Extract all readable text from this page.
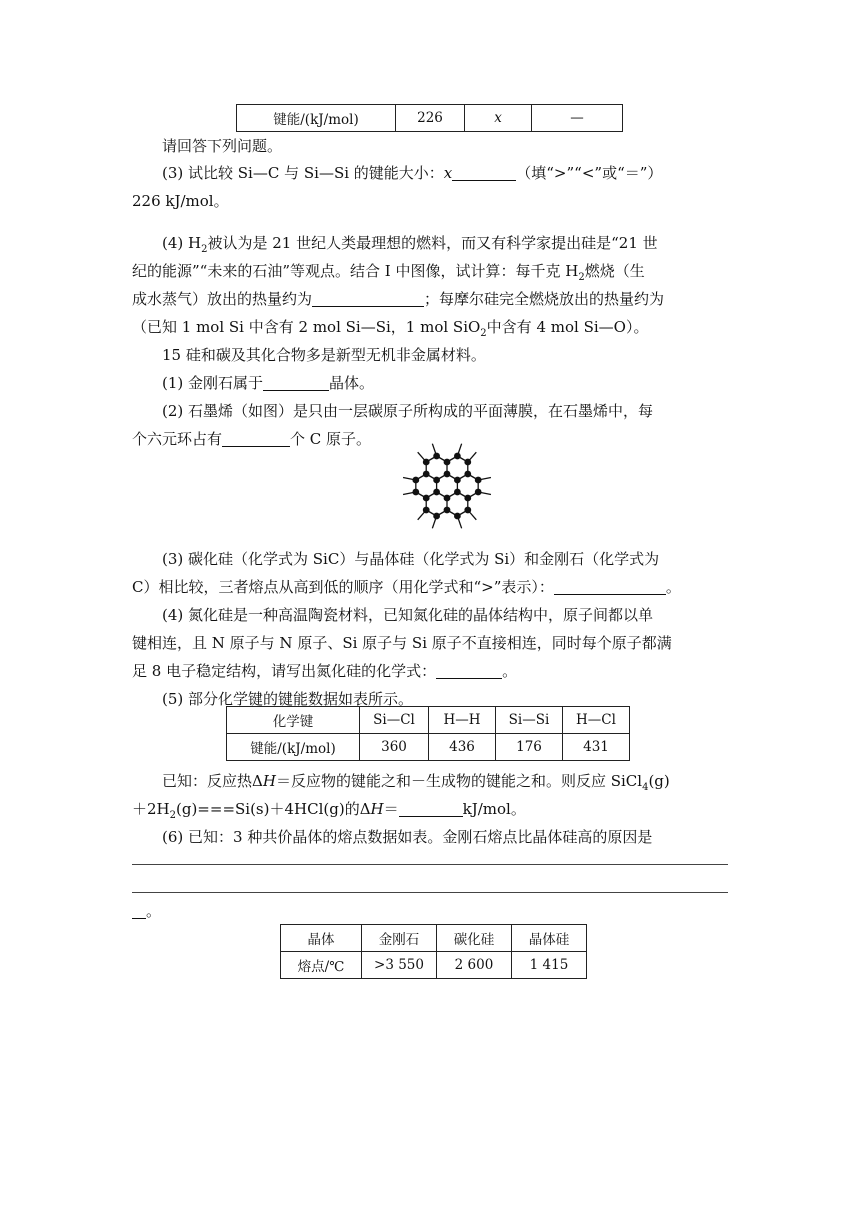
键能/(kJ/mol)	226	x	—
请回答下列问题。
(3) 试比较 Si—C 与 Si—Si 的键能大小：x	（填“>”“<”或“＝”）
226 kJ/mol。
(4) $H_2$被认为是 21 世纪人类最理想的燃料，而又有科学家提出硅是“21 世
纪的能源”“未来的石油”等观点。结合 I 中图像，试计算：每千克 $H_2$燃烧（生
成水蒸气）放出的热量约为	；每摩尔硅完全燃烧放出的热量约为
（已知 1 mol Si 中含有 2 mol Si—Si，1 mol SiO$_2$中含有 4 mol Si—O）。
15 硅和碳及其化合物多是新型无机非金属材料。
(1) 金刚石属于	晶体。
(2) 石墨烯（如图）是只由一层碳原子所构成的平面薄膜，在石墨烯中，每
个六元环占有	个 C 原子。
(3) 碳化硅（化学式为 SiC）与晶体硅（化学式为 Si）和金刚石（化学式为
C）相比较，三者熔点从高到低的顺序（用化学式和“>”表示）：	。
(4) 氮化硅是一种高温陶瓷材料，已知氮化硅的晶体结构中，原子间都以单
键相连，且 N 原子与 N 原子、Si 原子与 Si 原子不直接相连，同时每个原子都满
足 8 电子稳定结构，请写出氮化硅的化学式：	。
(5) 部分化学键的键能数据如表所示。
化学键	Si—Cl	H—H	Si—Si	H—Cl
键能/(kJ/mol)	360	436	176	431
已知：反应热ΔH＝反应物的键能之和－生成物的键能之和。则反应 SiCl$_4$(g)
$+2H_2(g)===Si(s)+4HCl(g)$的ΔH＝	kJ/mol。
(6) 已知：3 种共价晶体的熔点数据如表。金刚石熔点比晶体硅高的原因是
。
晶体	金刚石	碳化硅	晶体硅
熔点/℃	>3 550	2 600	1 415
